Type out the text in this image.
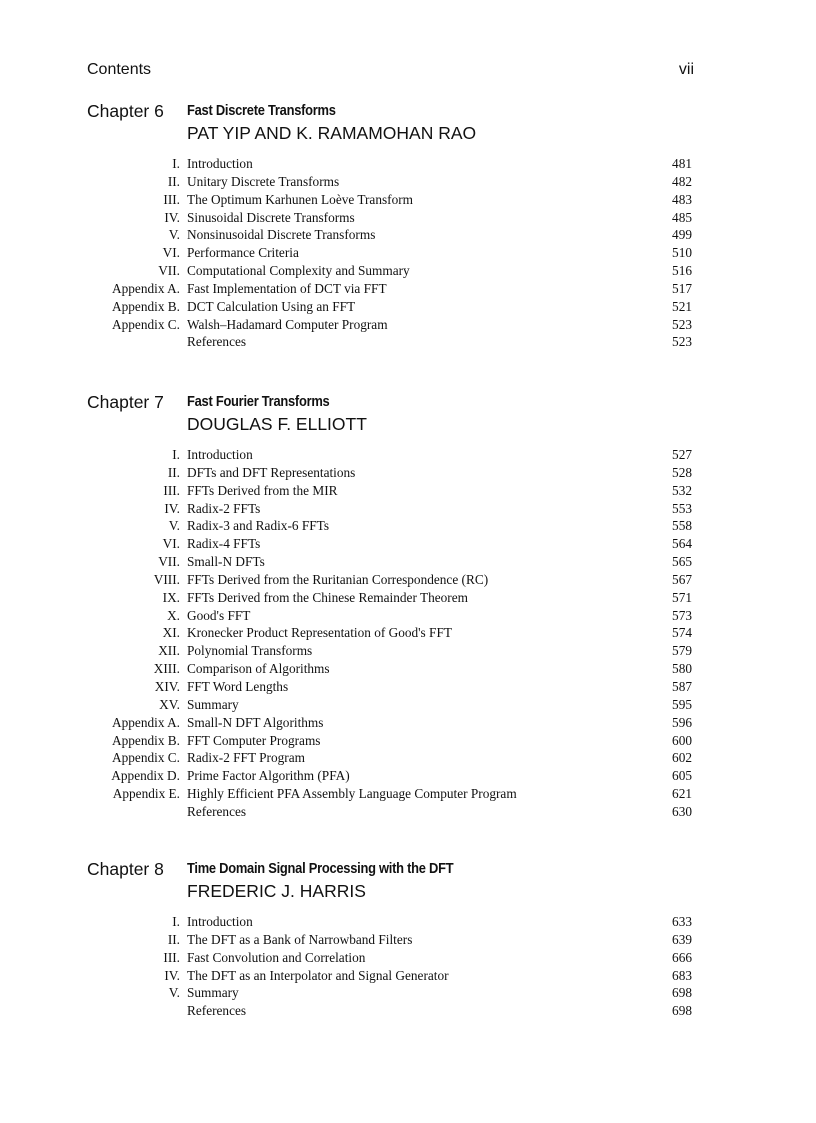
Contents	vii
Chapter 6 Fast Discrete Transforms
PAT YIP AND K. RAMAMOHAN RAO
I. Introduction	481
II. Unitary Discrete Transforms	482
III. The Optimum Karhunen Loève Transform	483
IV. Sinusoidal Discrete Transforms	485
V. Nonsinusoidal Discrete Transforms	499
VI. Performance Criteria	510
VII. Computational Complexity and Summary	516
Appendix A. Fast Implementation of DCT via FFT	517
Appendix B. DCT Calculation Using an FFT	521
Appendix C. Walsh–Hadamard Computer Program	523
References	523
Chapter 7 Fast Fourier Transforms
DOUGLAS F. ELLIOTT
I. Introduction	527
II. DFTs and DFT Representations	528
III. FFTs Derived from the MIR	532
IV. Radix-2 FFTs	553
V. Radix-3 and Radix-6 FFTs	558
VI. Radix-4 FFTs	564
VII. Small-N DFTs	565
VIII. FFTs Derived from the Ruritanian Correspondence (RC)	567
IX. FFTs Derived from the Chinese Remainder Theorem	571
X. Good's FFT	573
XI. Kronecker Product Representation of Good's FFT	574
XII. Polynomial Transforms	579
XIII. Comparison of Algorithms	580
XIV. FFT Word Lengths	587
XV. Summary	595
Appendix A. Small-N DFT Algorithms	596
Appendix B. FFT Computer Programs	600
Appendix C. Radix-2 FFT Program	602
Appendix D. Prime Factor Algorithm (PFA)	605
Appendix E. Highly Efficient PFA Assembly Language Computer Program	621
References	630
Chapter 8 Time Domain Signal Processing with the DFT
FREDERIC J. HARRIS
I. Introduction	633
II. The DFT as a Bank of Narrowband Filters	639
III. Fast Convolution and Correlation	666
IV. The DFT as an Interpolator and Signal Generator	683
V. Summary	698
References	698
